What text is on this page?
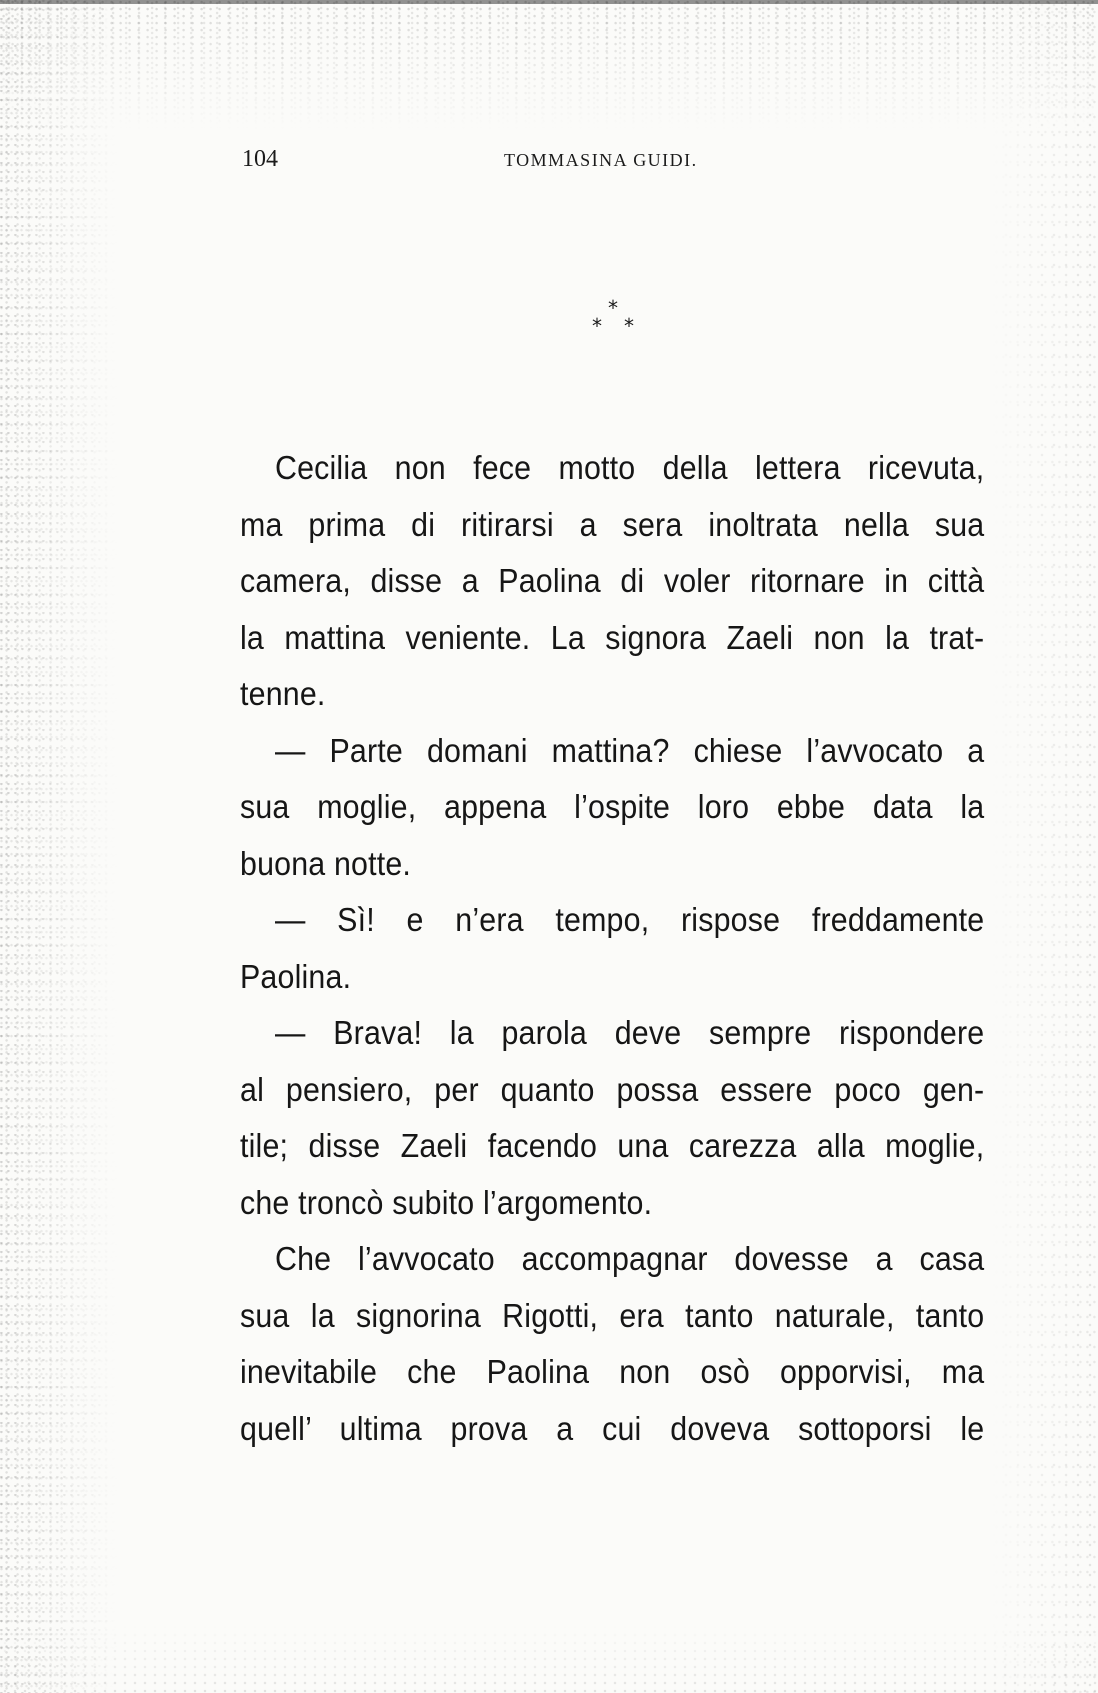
104	TOMMASINA GUIDI.
*
* *
Cecilia non fece motto della lettera ricevuta,
ma prima di ritirarsi a sera inoltrata nella sua
camera, disse a Paolina di voler ritornare in città
la mattina veniente. La signora Zaeli non la trat-
tenne.
— Parte domani mattina? chiese l’avvocato a
sua moglie, appena l’ospite loro ebbe data la
buona notte.
— Sì! e n’era tempo, rispose freddamente
Paolina.
— Brava! la parola deve sempre rispondere
al pensiero, per quanto possa essere poco gen-
tile; disse Zaeli facendo una carezza alla moglie,
che troncò subito l’argomento.
Che l’avvocato accompagnar dovesse a casa
sua la signorina Rigotti, era tanto naturale, tanto
inevitabile che Paolina non osò opporvisi, ma
quell’ ultima prova a cui doveva sottoporsi le
